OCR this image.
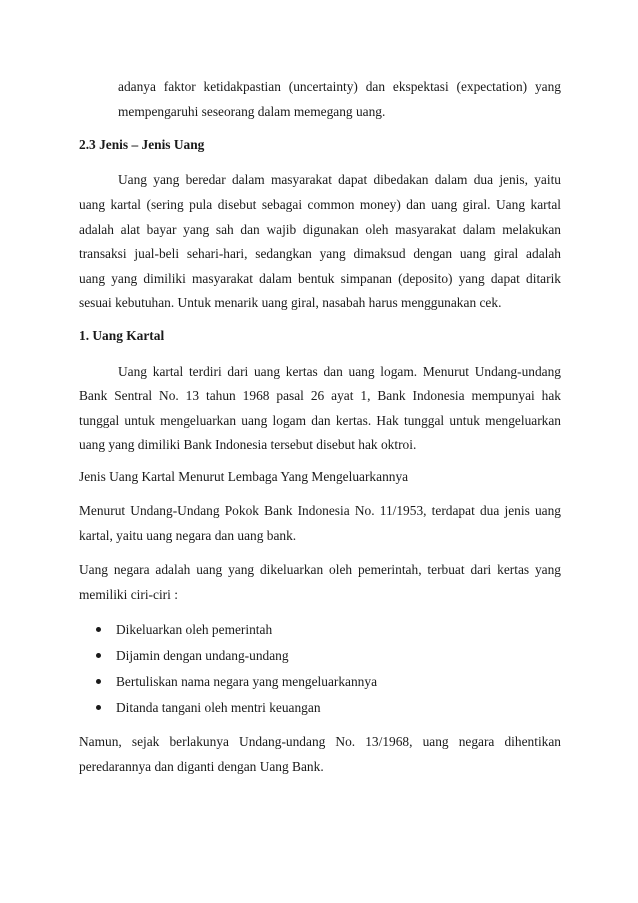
adanya faktor ketidakpastian (uncertainty) dan ekspektasi (expectation) yang
mempengaruhi seseorang dalam memegang uang.
2.3 Jenis – Jenis Uang
Uang yang beredar dalam masyarakat dapat dibedakan dalam dua jenis, yaitu
uang kartal (sering pula disebut sebagai common money) dan uang giral. Uang kartal
adalah alat bayar yang sah dan wajib digunakan oleh masyarakat dalam melakukan
transaksi jual-beli sehari-hari, sedangkan yang dimaksud dengan uang giral adalah
uang yang dimiliki masyarakat dalam bentuk simpanan (deposito) yang dapat ditarik
sesuai kebutuhan. Untuk menarik uang giral, nasabah harus menggunakan cek.
1. Uang Kartal
Uang kartal terdiri dari uang kertas dan uang logam. Menurut Undang-undang
Bank Sentral No. 13 tahun 1968 pasal 26 ayat 1, Bank Indonesia mempunyai hak
tunggal untuk mengeluarkan uang logam dan kertas. Hak tunggal untuk mengeluarkan
uang yang dimiliki Bank Indonesia tersebut disebut hak oktroi.
Jenis Uang Kartal Menurut Lembaga Yang Mengeluarkannya
Menurut Undang-Undang Pokok Bank Indonesia No. 11/1953, terdapat dua jenis uang
kartal, yaitu uang negara dan uang bank.
Uang negara adalah uang yang dikeluarkan oleh pemerintah, terbuat dari kertas yang
memiliki ciri-ciri :
Dikeluarkan oleh pemerintah
Dijamin dengan undang-undang
Bertuliskan nama negara yang mengeluarkannya
Ditanda tangani oleh mentri keuangan
Namun, sejak berlakunya Undang-undang No. 13/1968, uang negara dihentikan
peredarannya dan diganti dengan Uang Bank.
